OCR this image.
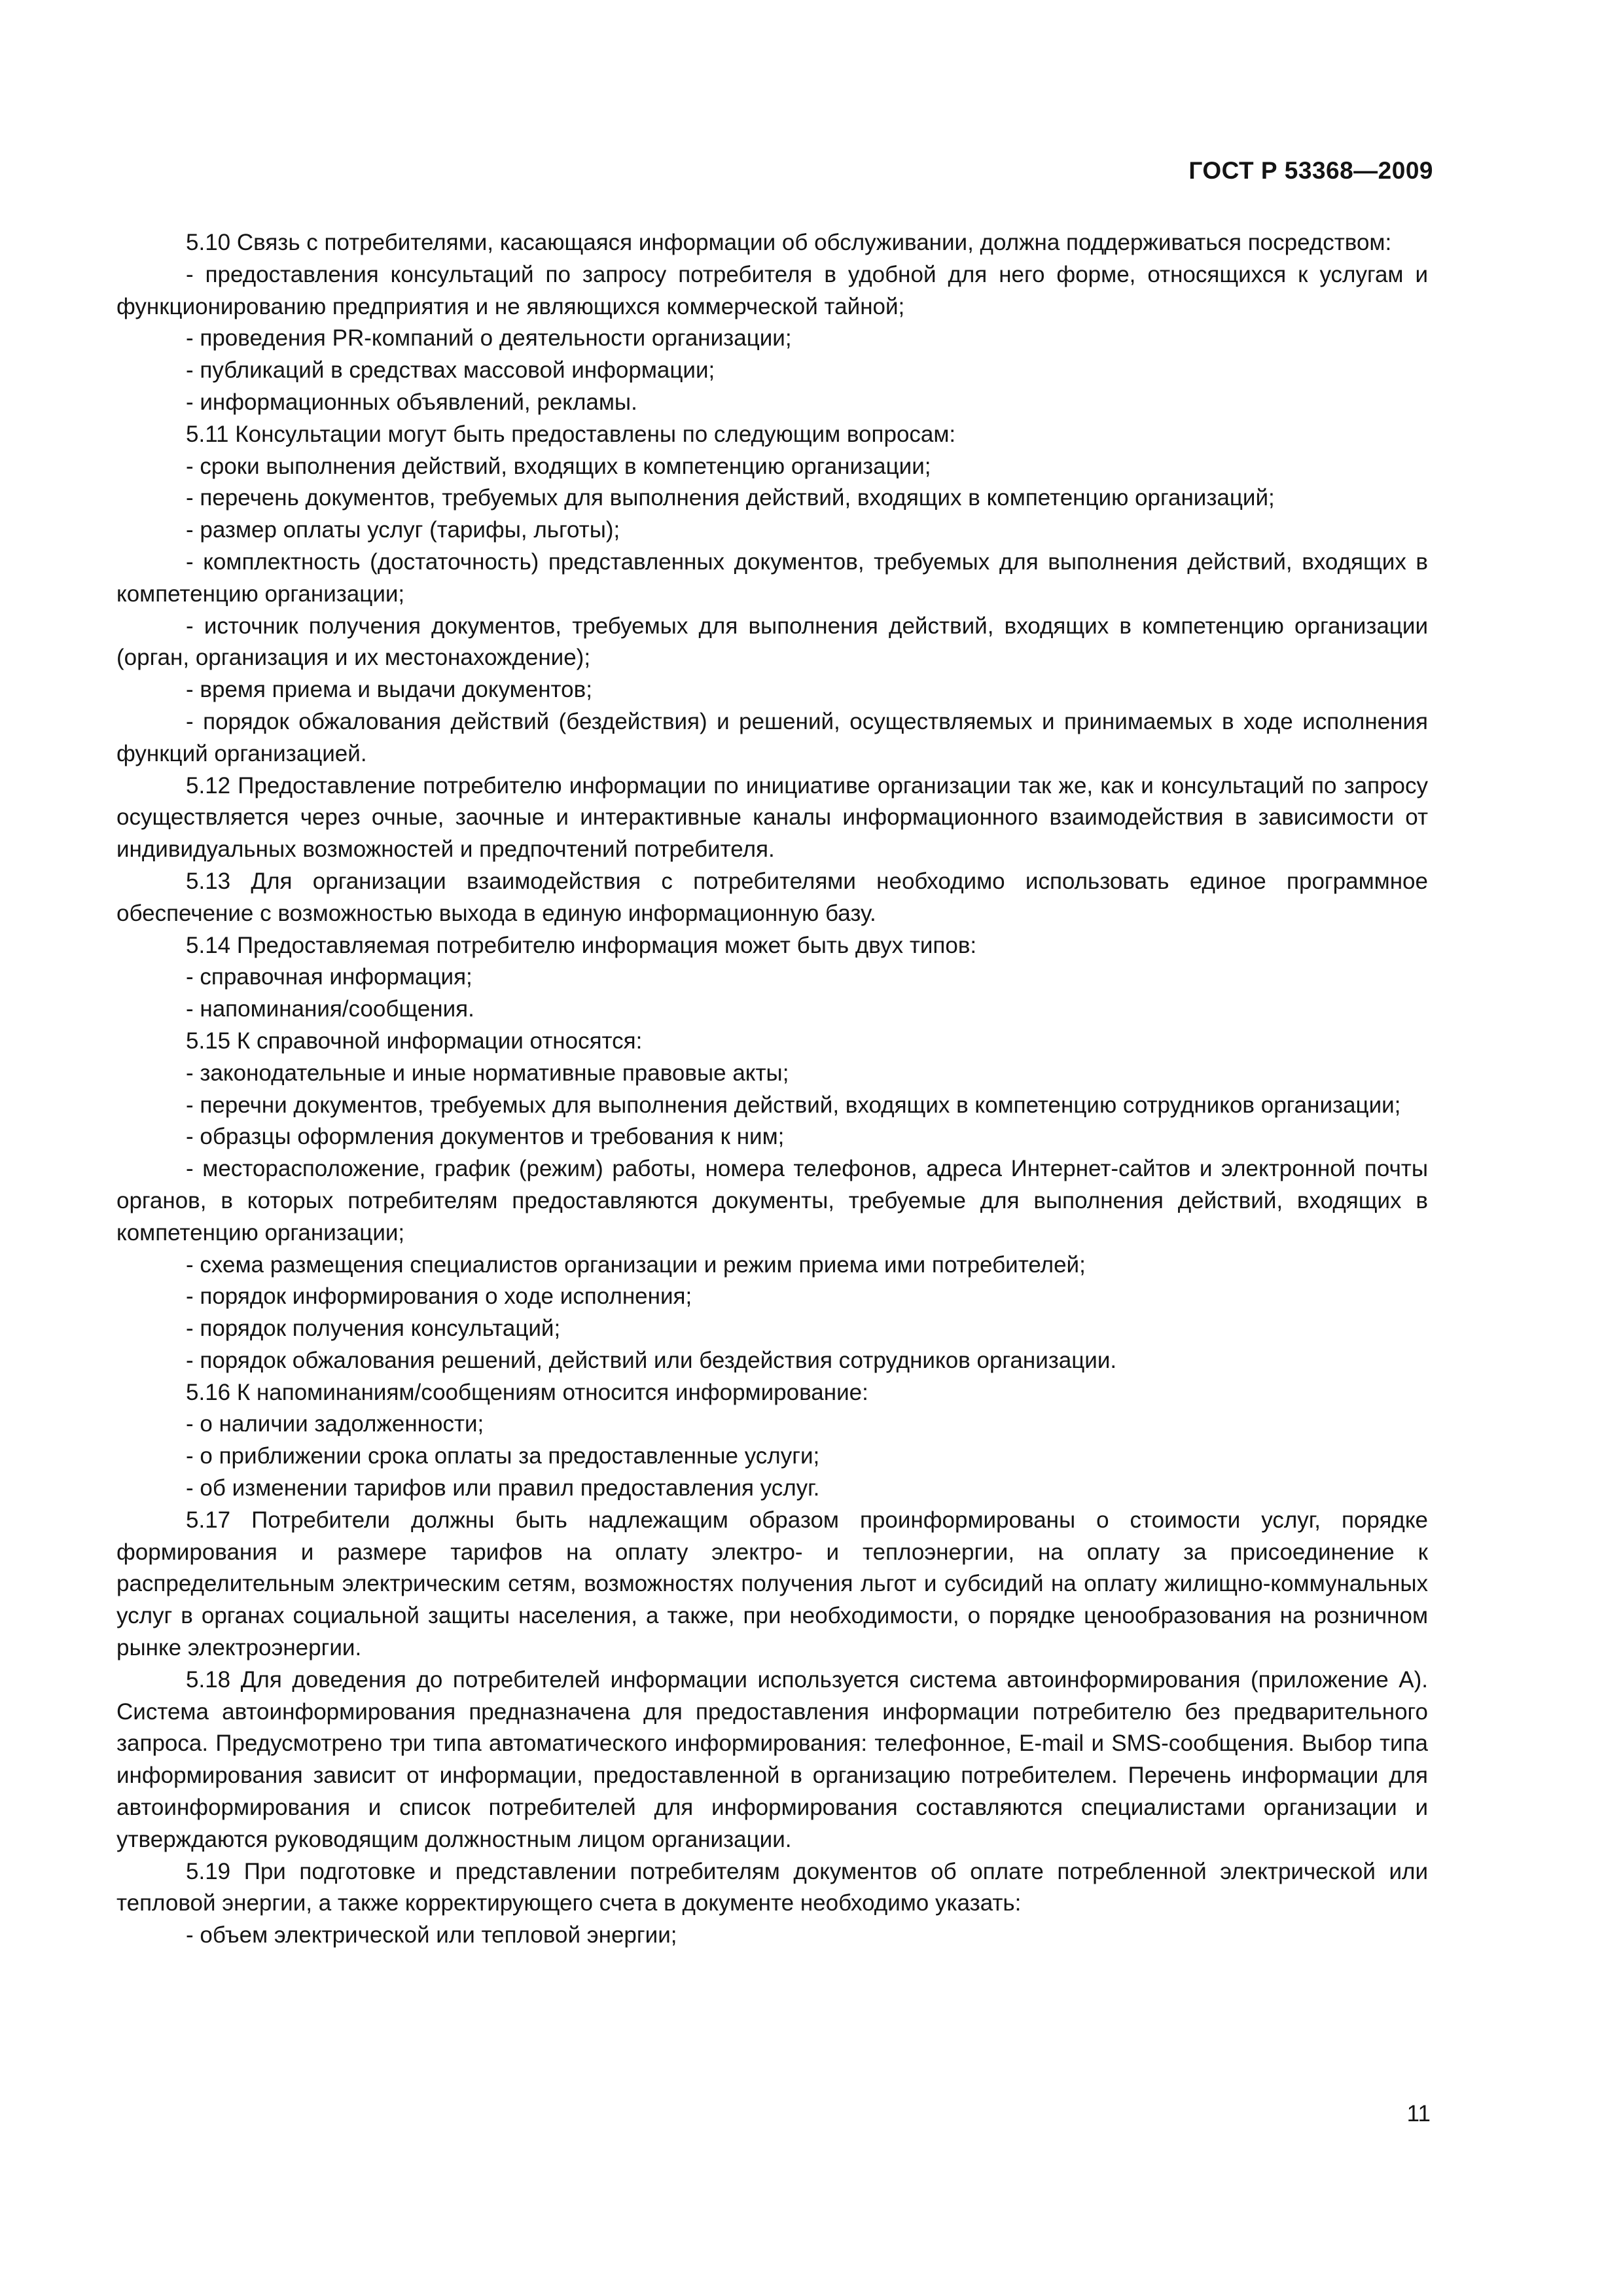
ГОСТ Р 53368—2009

5.10 Связь с потребителями, касающаяся информации об обслуживании, должна поддерживаться посредством:

- предоставления консультаций по запросу потребителя в удобной для него форме, относящихся к услугам и функционированию предприятия и не являющихся коммерческой тайной;

- проведения PR-компаний о деятельности организации;

- публикаций в средствах массовой информации;

- информационных объявлений, рекламы.

5.11 Консультации могут быть предоставлены по следующим вопросам:

- сроки выполнения действий, входящих в компетенцию организации;

- перечень документов, требуемых для выполнения действий, входящих в компетенцию организаций;

- размер оплаты услуг (тарифы, льготы);

- комплектность (достаточность) представленных документов, требуемых для выполнения действий, входящих в компетенцию организации;

- источник получения документов, требуемых для выполнения действий, входящих в компетенцию организации (орган, организация и их местонахождение);

- время приема и выдачи документов;

- порядок обжалования действий (бездействия) и решений, осуществляемых и принимаемых в ходе исполнения функций организацией.

5.12 Предоставление потребителю информации по инициативе организации так же, как и консультаций по запросу осуществляется через очные, заочные и интерактивные каналы информационного взаимодействия в зависимости от индивидуальных возможностей и предпочтений потребителя.

5.13 Для организации взаимодействия с потребителями необходимо использовать единое программное обеспечение с возможностью выхода в единую информационную базу.

5.14 Предоставляемая потребителю информация может быть двух типов:

- справочная информация;

- напоминания/сообщения.

5.15 К справочной информации относятся:

- законодательные и иные нормативные правовые акты;

- перечни документов, требуемых для выполнения действий, входящих в компетенцию сотрудников организации;

- образцы оформления документов и требования к ним;

- месторасположение, график (режим) работы, номера телефонов, адреса Интернет-сайтов и электронной почты органов, в которых потребителям предоставляются документы, требуемые для выполнения действий, входящих в компетенцию организации;

- схема размещения специалистов организации и режим приема ими потребителей;

- порядок информирования о ходе исполнения;

- порядок получения консультаций;

- порядок обжалования решений, действий или бездействия сотрудников организации.

5.16 К напоминаниям/сообщениям относится информирование:

- о наличии задолженности;

- о приближении срока оплаты за предоставленные услуги;

- об изменении тарифов или правил предоставления услуг.

5.17 Потребители должны быть надлежащим образом проинформированы о стоимости услуг, порядке формирования и размере тарифов на оплату электро- и теплоэнергии, на оплату за присоединение к распределительным электрическим сетям, возможностях получения льгот и субсидий на оплату жилищно-коммунальных услуг в органах социальной защиты населения, а также, при необходимости, о порядке ценообразования на розничном рынке электроэнергии.

5.18 Для доведения до потребителей информации используется система автоинформирования (приложение А). Система автоинформирования предназначена для предоставления информации потребителю без предварительного запроса. Предусмотрено три типа автоматического информирования: телефонное, E-mail и SMS-сообщения. Выбор типа информирования зависит от информации, предоставленной в организацию потребителем. Перечень информации для автоинформирования и список потребителей для информирования составляются специалистами организации и утверждаются руководящим должностным лицом организации.

5.19 При подготовке и представлении потребителям документов об оплате потребленной электрической или тепловой энергии, а также корректирующего счета в документе необходимо указать:

- объем электрической или тепловой энергии;

11
